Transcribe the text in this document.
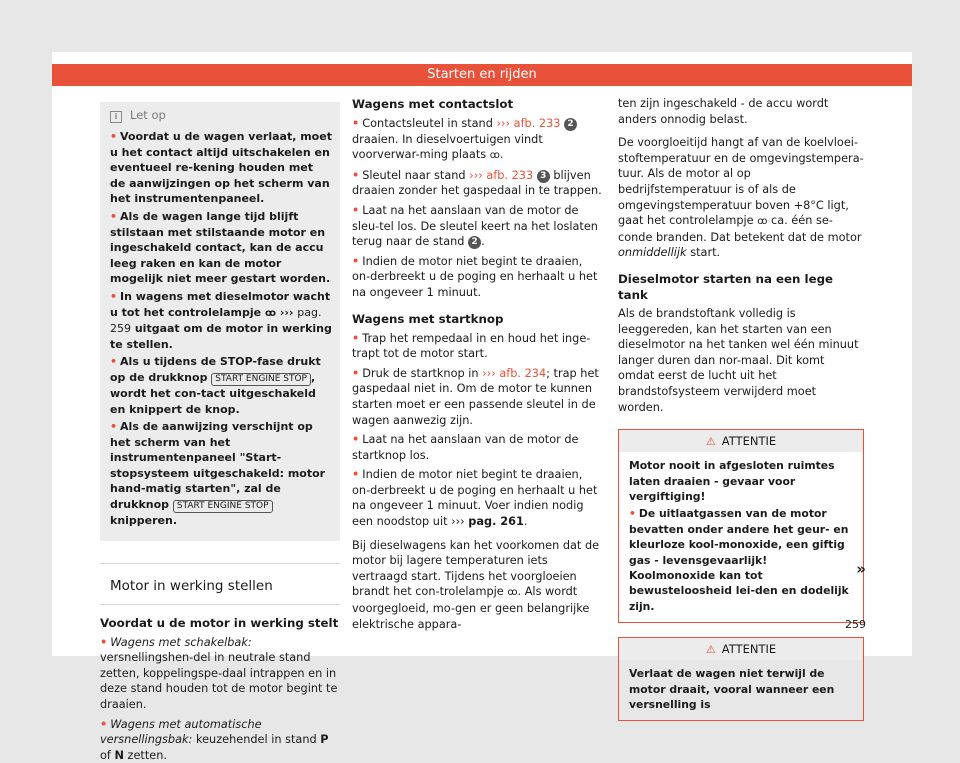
Starten en rijden
i Let op
• Voordat u de wagen verlaat, moet u het contact altijd uitschakelen en eventueel re-kening houden met de aanwijzingen op het scherm van het instrumentenpaneel.
• Als de wagen lange tijd blijft stilstaan met stilstaande motor en ingeschakeld contact, kan de accu leeg raken en kan de motor mogelijk niet meer gestart worden.
• In wagens met dieselmotor wacht u tot het controlelampje ꝏ ››› pag. 259 uitgaat om de motor in werking te stellen.
• Als u tijdens de STOP-fase drukt op de drukknop START ENGINE STOP , wordt het con-tact uitgeschakeld en knippert de knop.
• Als de aanwijzing verschijnt op het scherm van het instrumentenpaneel "Start-stopsysteem uitgeschakeld: motor hand-matig starten", zal de drukknop START ENGINE STOP knipperen.
Motor in werking stellen

Voordat u de motor in werking stelt

• Wagens met schakelbak: versnellingshen-del in neutrale stand zetten, koppelingspe-daal intrappen en in deze stand houden tot de motor begint te draaien.
• Wagens met automatische versnellingsbak: keuzehendel in stand P of N zetten.

Wagens met contactslot

• Contactsleutel in stand ››› afb. 233 2 draaien. In dieselvoertuigen vindt voorverwar-ming plaats ꝏ.
• Sleutel naar stand ››› afb. 233 3 blijven draaien zonder het gaspedaal in te trappen.
• Laat na het aanslaan van de motor de sleu-tel los. De sleutel keert na het loslaten terug naar de stand 2 .
• Indien de motor niet begint te draaien, on-derbreekt u de poging en herhaalt u het na ongeveer 1 minuut.

Wagens met startknop

• Trap het rempedaal in en houd het inge-trapt tot de motor start.
• Druk de startknop in ››› afb. 234; trap het gaspedaal niet in. Om de motor te kunnen starten moet er een passende sleutel in de wagen aanwezig zijn.
• Laat na het aanslaan van de motor de startknop los.
• Indien de motor niet begint te draaien, on-derbreekt u de poging en herhaalt u het na ongeveer 1 minuut. Voer indien nodig een noodstop uit ››› pag. 261.

Bij dieselwagens kan het voorkomen dat de motor bij lagere temperaturen iets vertraagd start. Tijdens het voorgloeien brandt het con-trolelampje ꝏ. Als wordt voorgegloeid, mo-gen er geen belangrijke elektrische appara-

ten zijn ingeschakeld - de accu wordt anders onnodig belast.

De voorgloeitijd hangt af van de koelvloei-stoftemperatuur en de omgevingstempera-tuur. Als de motor al op bedrijfstemperatuur is of als de omgevingstemperatuur boven +8°C ligt, gaat het controlelampje ꝏ ca. één se-conde branden. Dat betekent dat de motor onmiddellijk start.

Dieselmotor starten na een lege tank

Als de brandstoftank volledig is leeggereden, kan het starten van een dieselmotor na het tanken wel één minuut langer duren dan nor-maal. Dit komt omdat eerst de lucht uit het brandstofsysteem verwijderd moet worden.

⚠ ATTENTIE

Motor nooit in afgesloten ruimtes laten draaien - gevaar voor vergiftiging!

• De uitlaatgassen van de motor bevatten onder andere het geur- en kleurloze kool-monoxide, een giftig gas - levensgevaarlijk! Koolmonoxide kan tot bewusteloosheid lei-den en dodelijk zijn.
⚠ ATTENTIE

Verlaat de wagen niet terwijl de motor draait, vooral wanneer een versnelling is

»
259
